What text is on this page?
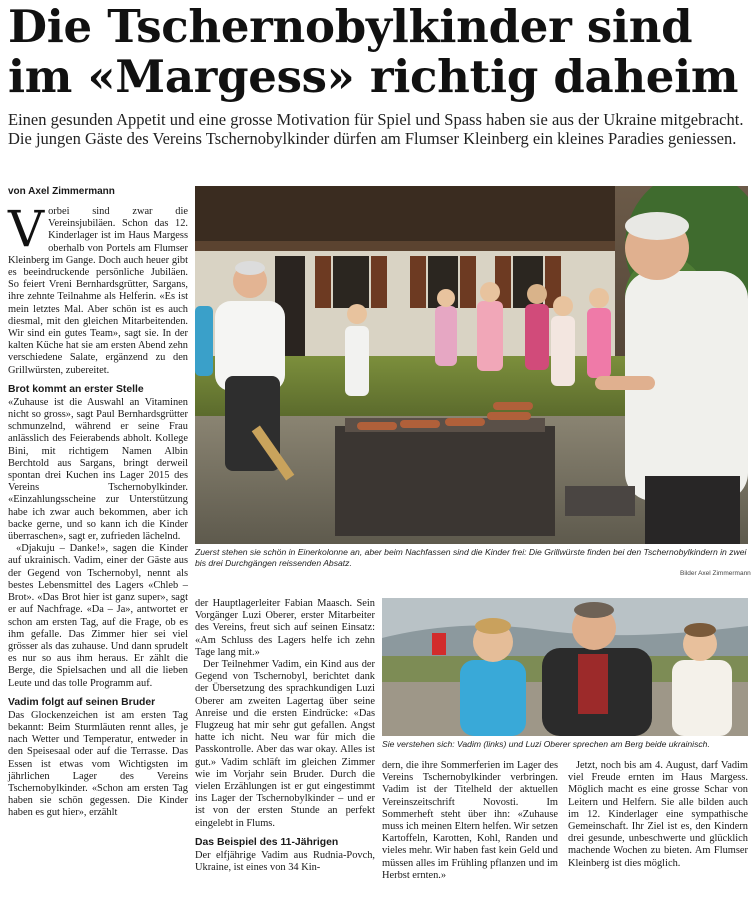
Die Tschernobylkinder sind
im «Margess» richtig daheim
Einen gesunden Appetit und eine grosse Motivation für Spiel und Spass haben sie aus der Ukraine mitgebracht.
Die jungen Gäste des Vereins Tschernobylkinder dürfen am Flumser Kleinberg ein kleines Paradies geniessen.
von Axel Zimmermann

Vorbei sind zwar die Vereinsjubiläen. Schon das 12. Kinderlager ist im Haus Margess oberhalb von Portels am Flumser Kleinberg im Gange. Doch auch heuer gibt es beeindruckende persönliche Jubiläen. So feiert Vreni Bernhardsgrütter, Sargans, ihre zehnte Teilnahme als Helferin. «Es ist mein letztes Mal. Aber schön ist es auch diesmal, mit den gleichen Mitarbeitenden. Wir sind ein gutes Team», sagt sie. In der kalten Küche hat sie am ersten Abend zehn verschiedene Salate, ergänzend zu den Grillwürsten, zubereitet.

Brot kommt an erster Stelle

«Zuhause ist die Auswahl an Vitaminen nicht so gross», sagt Paul Bernhardsgrütter schmunzelnd, während er seine Frau anlässlich des Feierabends abholt. Kollege Bini, mit richtigem Namen Albin Berchtold aus Sargans, bringt derweil spontan drei Kuchen ins Lager 2015 des Vereins Tschernobylkinder. «Einzahlungsscheine zur Unterstützung habe ich zwar auch bekommen, aber ich backe gerne, und so kann ich die Kinder überraschen», sagt er, zufrieden lächelnd.

«Djakuju – Danke!», sagen die Kinder auf ukrainisch. Vadim, einer der Gäste aus der Gegend von Tschernobyl, nennt als bestes Lebensmittel des Lagers «Chleb – Brot». «Das Brot hier ist ganz super», sagt er auf Nachfrage. «Da – Ja», antwortet er schon am ersten Tag, auf die Frage, ob es ihm gefalle. Das Zimmer hier sei viel grösser als das zuhause. Und dann sprudelt es nur so aus ihm heraus. Er zählt die Berge, die Spielsachen und all die lieben Leute und das tolle Programm auf.

Vadim folgt auf seinen Bruder

Das Glockenzeichen ist am ersten Tag bekannt: Beim Sturmläuten rennt alles, je nach Wetter und Temperatur, entweder in den Speisesaal oder auf die Terrasse. Das Essen ist etwas vom Wichtigsten im jährlichen Lager des Vereins Tschernobylkinder. «Schon am ersten Tag haben sie schön gegessen. Die Kinder haben es gut hier», erzählt

Zuerst stehen sie schön in Einerkolonne an, aber beim Nachfassen sind die Kinder frei: Die Grillwürste finden bei den Tschernobylkindern in zwei bis drei Durchgängen reissenden Absatz.
Bilder Axel Zimmermann

der Hauptlagerleiter Fabian Maasch. Sein Vorgänger Luzi Oberer, erster Mitarbeiter des Vereins, freut sich auf seinen Einsatz: «Am Schluss des Lagers helfe ich zehn Tage lang mit.»

Der Teilnehmer Vadim, ein Kind aus der Gegend von Tschernobyl, berichtet dank der Übersetzung des sprachkundigen Luzi Oberer am zweiten Lagertag über seine Anreise und die ersten Eindrücke: «Das Flugzeug hat mir sehr gut gefallen. Angst hatte ich nicht. Neu war für mich die Passkontrolle. Aber das war okay. Alles ist gut.» Vadim schläft im gleichen Zimmer wie im Vorjahr sein Bruder. Durch die vielen Erzählungen ist er gut eingestimmt ins Lager der Tschernobylkinder – und er ist von der ersten Stunde an perfekt eingelebt in Flums.

Das Beispiel des 11-Jährigen

Der elfjährige Vadim aus Rudnia-Povch, Ukraine, ist eines von 34 Kin-

Sie verstehen sich: Vadim (links) und Luzi Oberer sprechen am Berg beide ukrainisch.

dern, die ihre Sommerferien im Lager des Vereins Tschernobylkinder verbringen. Vadim ist der Titelheld der aktuellen Vereinszeitschrift Novosti. Im Sommerheft steht über ihn: «Zuhause muss ich meinen Eltern helfen. Wir setzen Kartoffeln, Karotten, Kohl, Randen und vieles mehr. Wir haben fast kein Geld und müssen alles im Frühling pflanzen und im Herbst ernten.»

Jetzt, noch bis am 4. August, darf Vadim viel Freude ernten im Haus Margess. Möglich macht es eine grosse Schar von Leitern und Helfern. Sie alle bilden auch im 12. Kinderlager eine sympathische Gemeinschaft. Ihr Ziel ist es, den Kindern drei gesunde, unbeschwerte und glücklich machende Wochen zu bieten. Am Flumser Kleinberg ist dies möglich.
